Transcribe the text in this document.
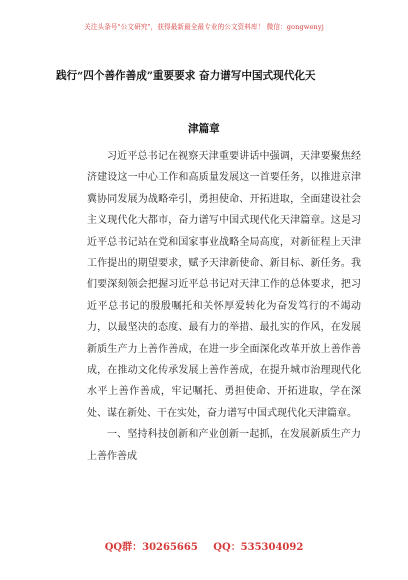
关注头条号"公文研究"，获得最新最全最专业的公文资料库！ 微信：gongwenyj
践行“四个善作善成”重要要求 奋力谱写中国式现代化天
津篇章

习近平总书记在视察天津重要讲话中强调，天津要聚焦经济建设这一中心工作和高质量发展这一首要任务，以推进京津冀协同发展为战略牵引，勇担使命、开拓进取，全面建设社会主义现代化大都市，奋力谱写中国式现代化天津篇章。这是习近平总书记站在党和国家事业战略全局高度，对新征程上天津工作提出的期望要求，赋予天津新使命、新目标、新任务。我们要深刻领会把握习近平总书记对天津工作的总体要求，把习近平总书记的殷殷嘱托和关怀厚爱转化为奋发笃行的不竭动力，以最坚决的态度、最有力的举措、最扎实的作风，在发展新质生产力上善作善成，在进一步全面深化改革开放上善作善成，在推动文化传承发展上善作善成，在提升城市治理现代化水平上善作善成，牢记嘱托、勇担使命、开拓进取，学在深处、谋在新处、干在实处，奋力谱写中国式现代化天津篇章。

一、坚持科技创新和产业创新一起抓，在发展新质生产力上善作善成

QQ群：30265665 QQ：535304092
